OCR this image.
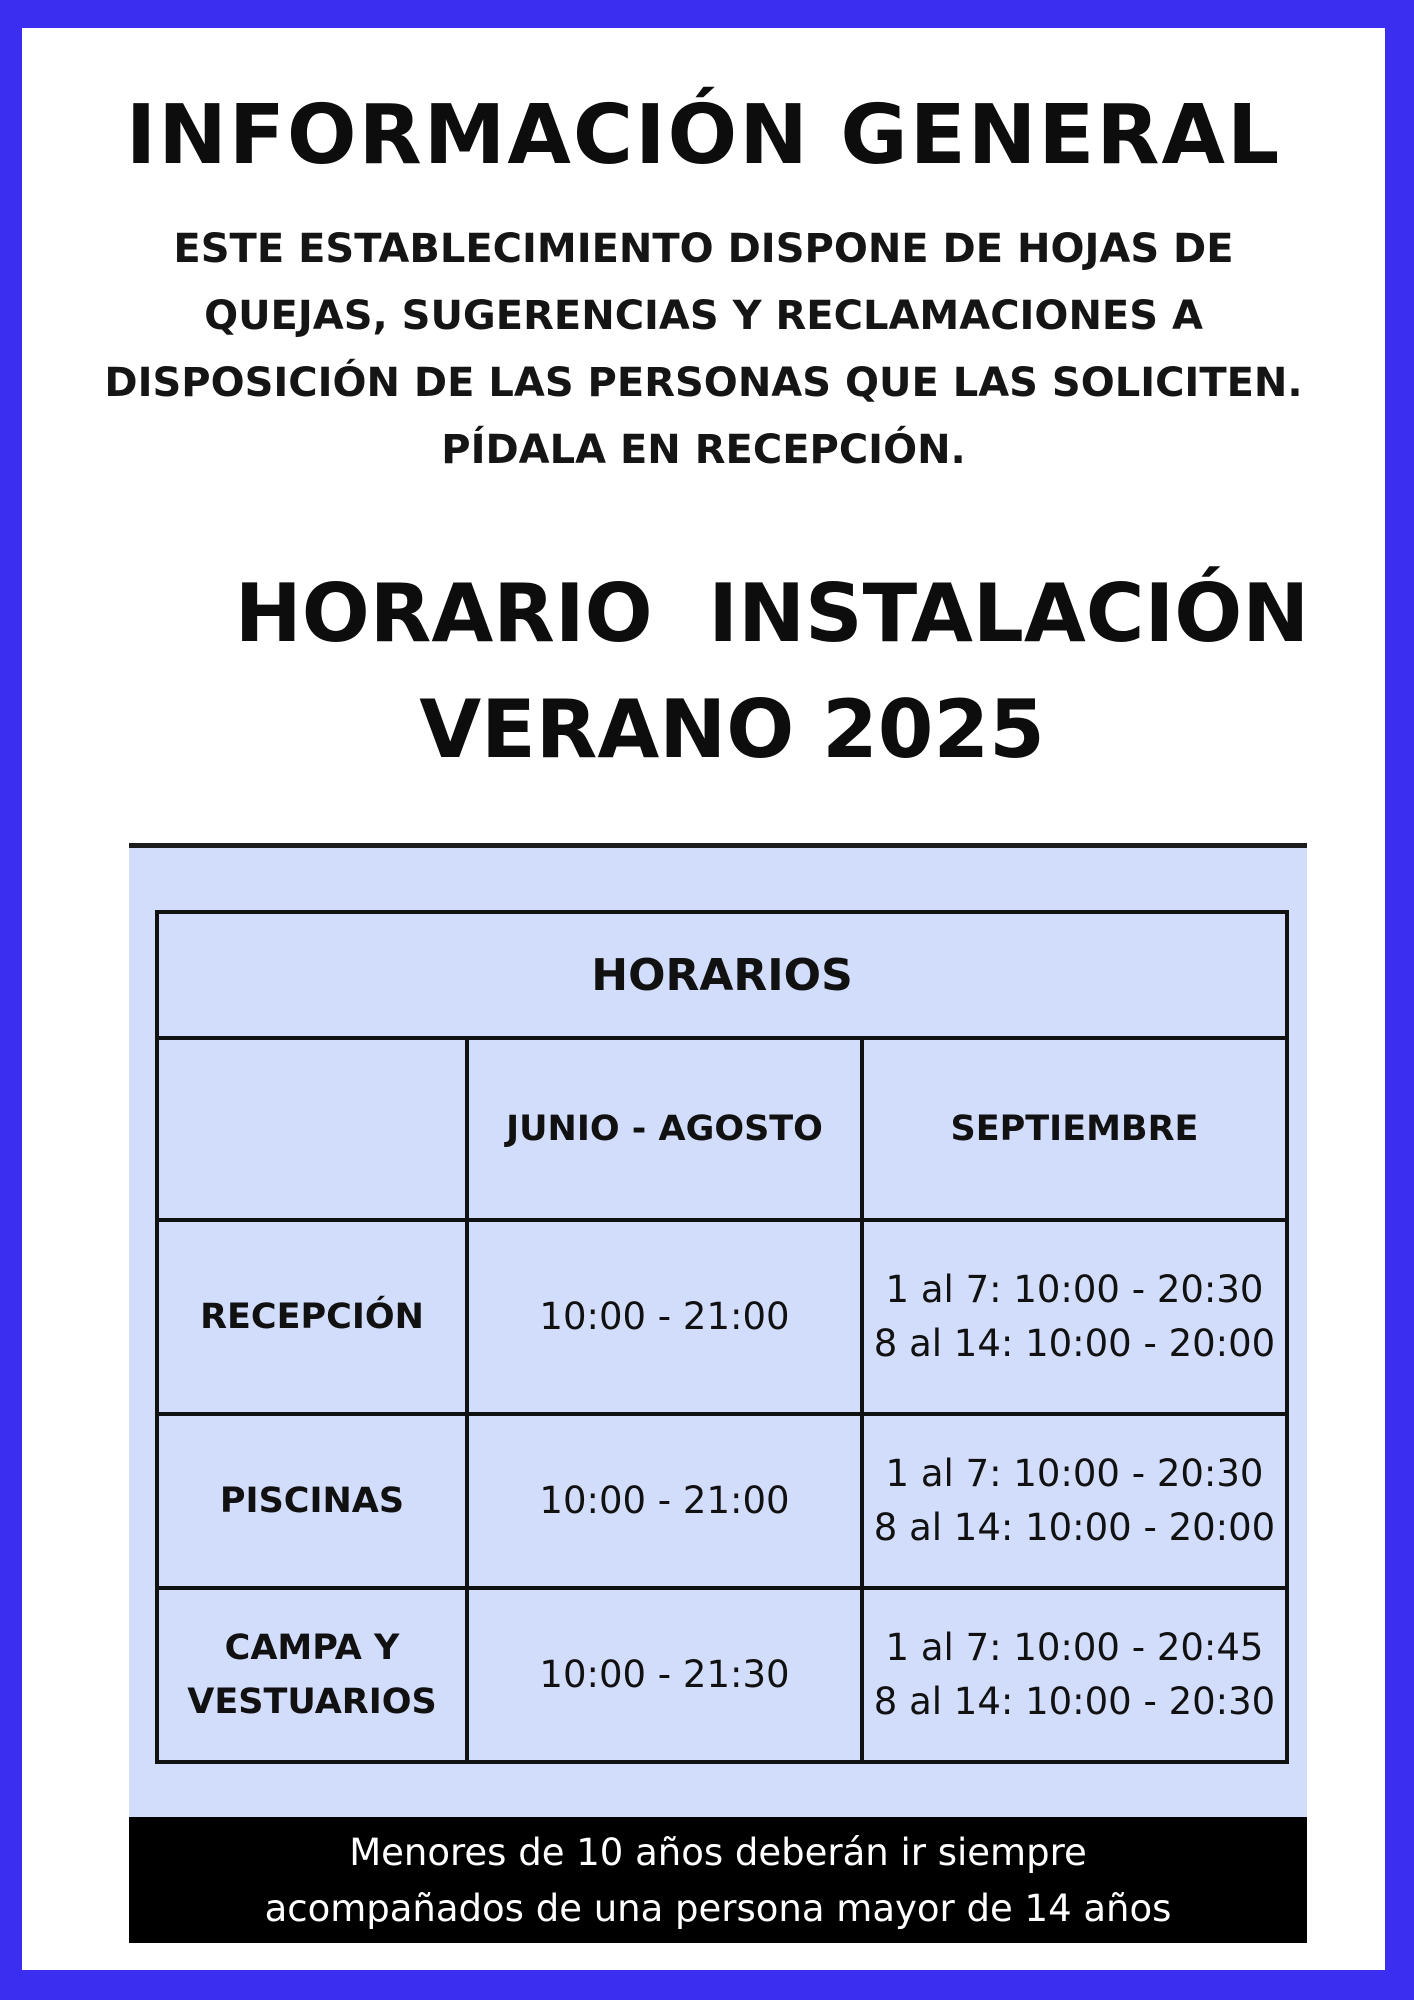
INFORMACIÓN GENERAL

ESTE ESTABLECIMIENTO DISPONE DE HOJAS DE QUEJAS, SUGERENCIAS Y RECLAMACIONES A DISPOSICIÓN DE LAS PERSONAS QUE LAS SOLICITEN. PÍDALA EN RECEPCIÓN.

HORARIO  INSTALACIÓN
VERANO 2025
HORARIOS		
	JUNIO - AGOSTO	SEPTIEMBRE
RECEPCIÓN	10:00 - 21:00	1 al 7: 10:00 - 20:30
8 al 14: 10:00 - 20:00

PISCINAS	10:00 - 21:00	1 al 7: 10:00 - 20:30
8 al 14: 10:00 - 20:00

CAMPA Y VESTUARIOS	10:00 - 21:30	1 al 7: 10:00 - 20:45
8 al 14: 10:00 - 20:30
Menores de 10 años deberán ir siempre
acompañados de una persona mayor de 14 años
